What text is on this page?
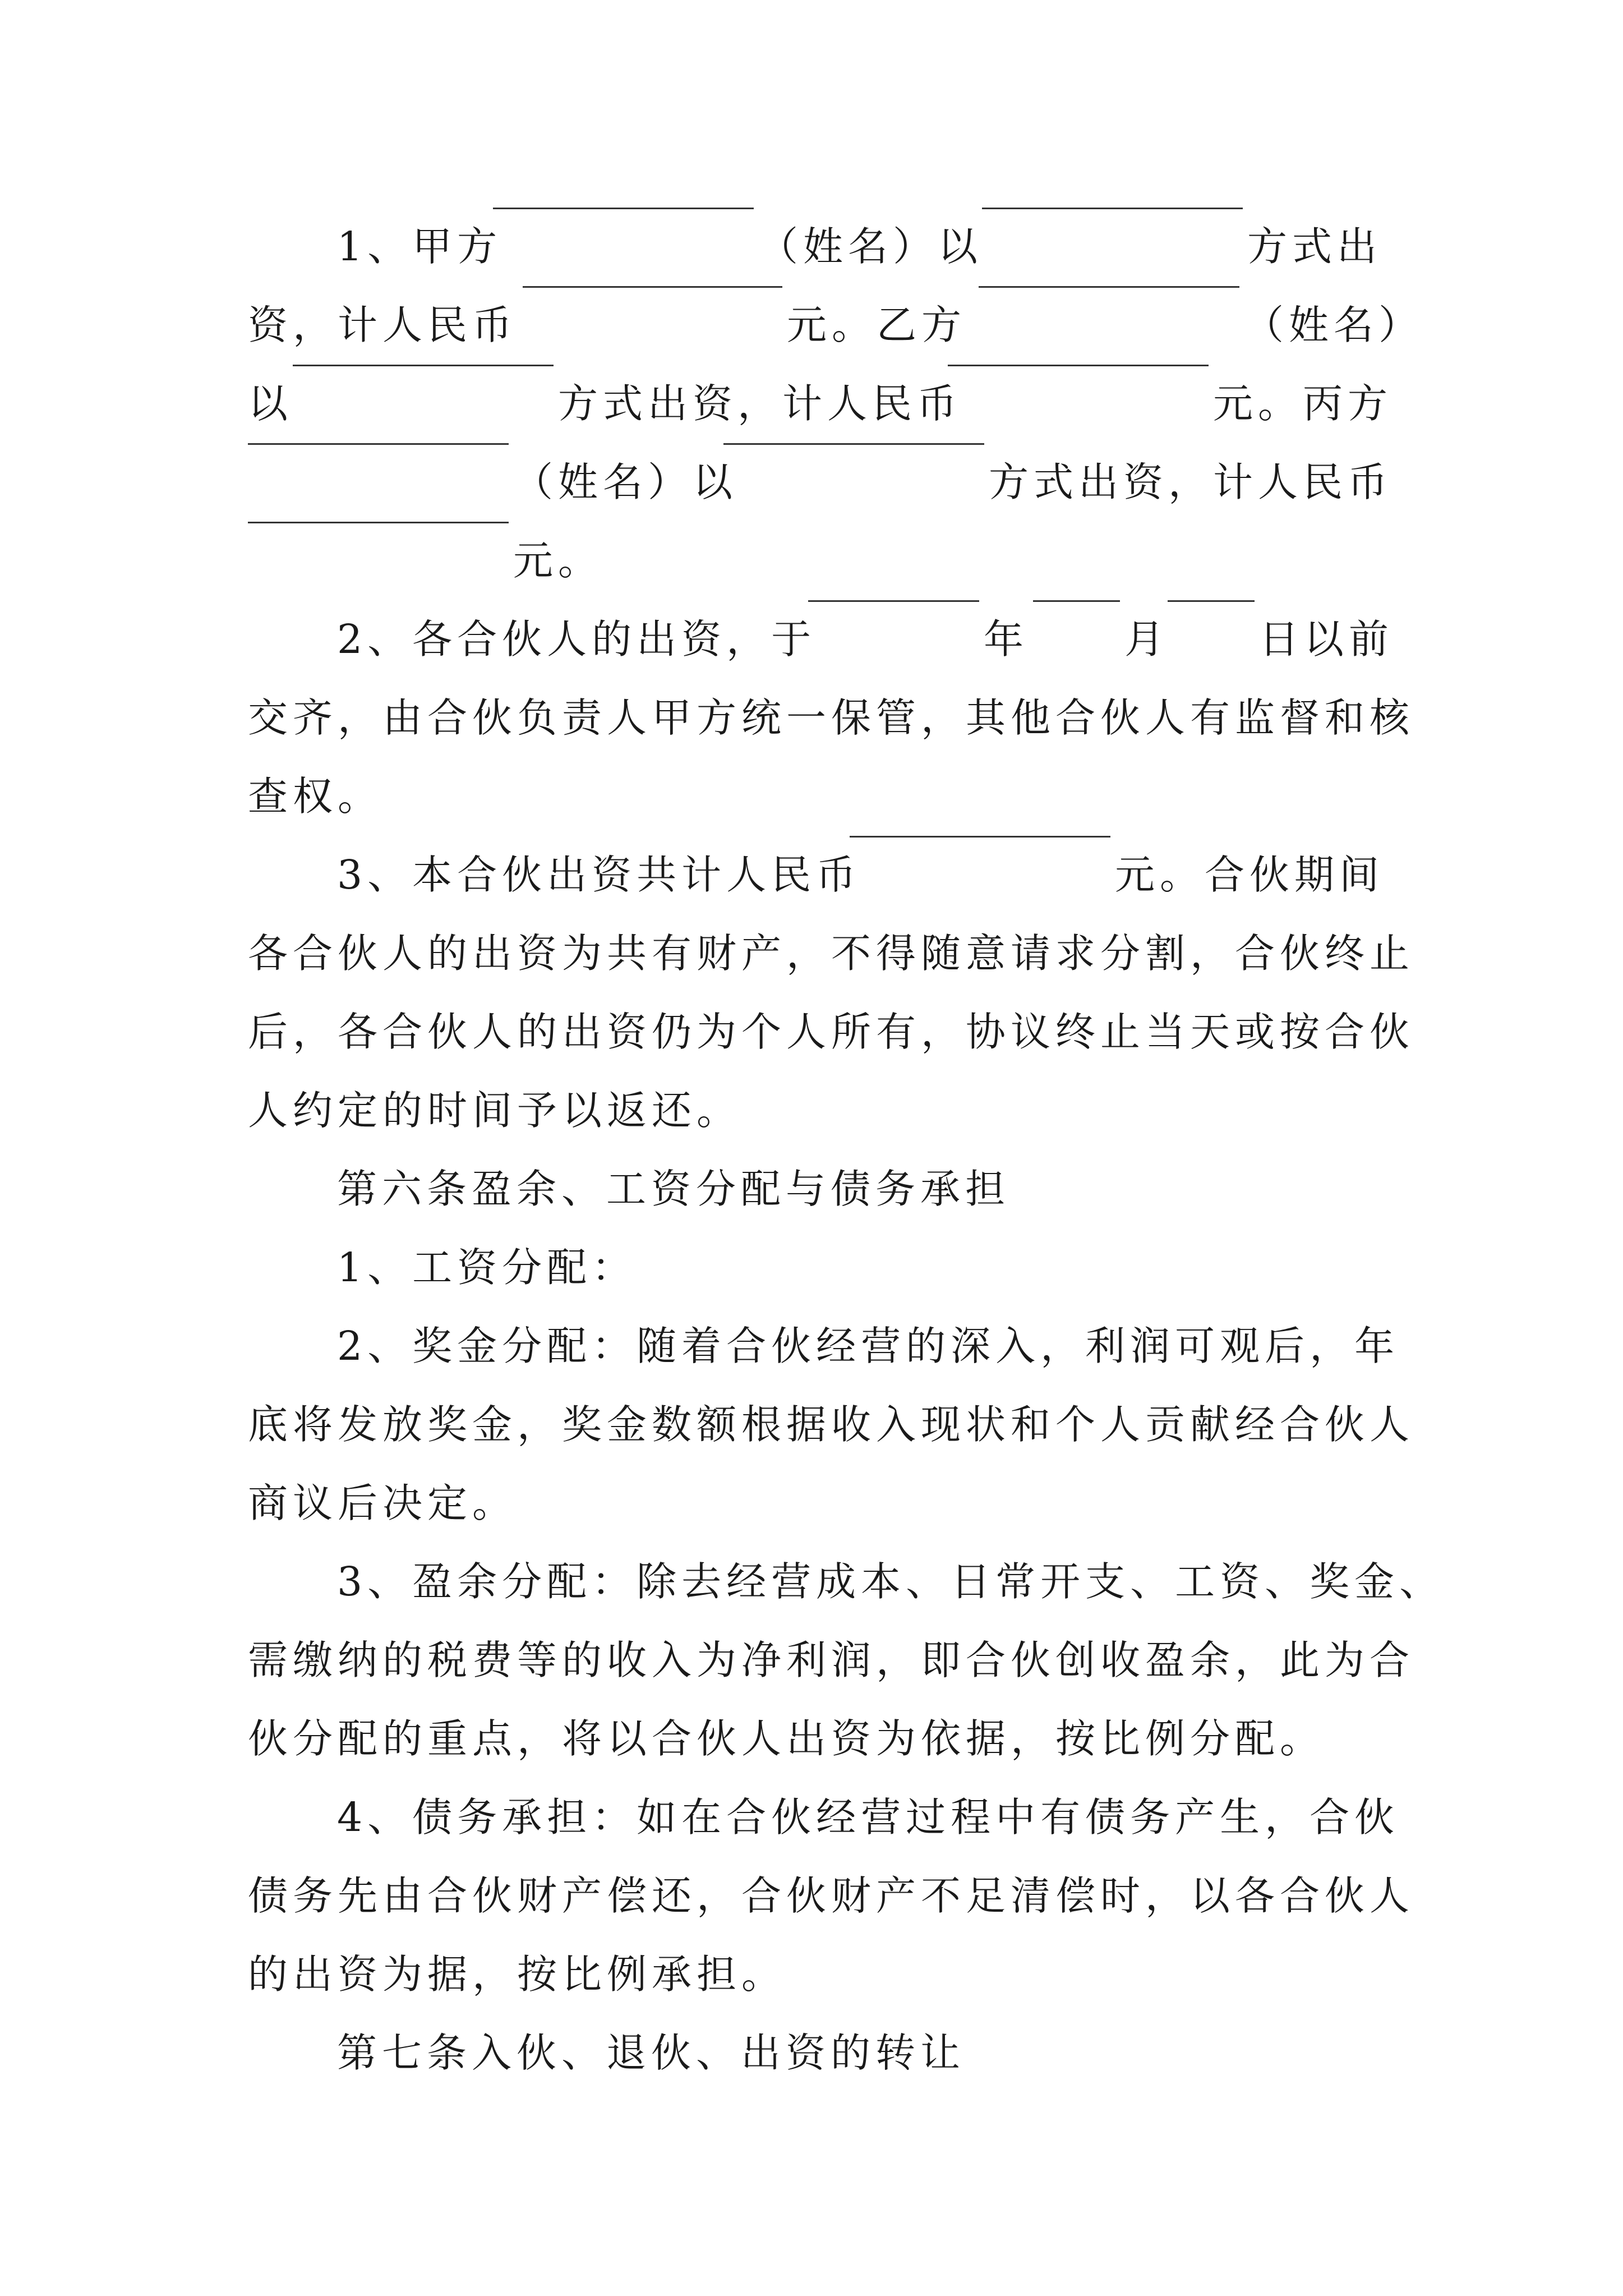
1、甲方	（姓名）以	方式出
资，计人民币	元。乙方	（姓名）
以	方式出资，计人民币	元。丙方
（姓名）以	方式出资，计人民币
元。
2、各合伙人的出资，于	年 月 日以前
交齐，由合伙负责人甲方统一保管，其他合伙人有监督和核
查权。
3、本合伙出资共计人民币	元。合伙期间
各合伙人的出资为共有财产，不得随意请求分割，合伙终止
后，各合伙人的出资仍为个人所有，协议终止当天或按合伙
人约定的时间予以返还。
第六条盈余、工资分配与债务承担
1、工资分配：
2、奖金分配：随着合伙经营的深入，利润可观后，年
底将发放奖金，奖金数额根据收入现状和个人贡献经合伙人
商议后决定。
3、盈余分配：除去经营成本、日常开支、工资、奖金、
需缴纳的税费等的收入为净利润，即合伙创收盈余，此为合
伙分配的重点，将以合伙人出资为依据，按比例分配。
4、债务承担：如在合伙经营过程中有债务产生，合伙
债务先由合伙财产偿还，合伙财产不足清偿时，以各合伙人
的出资为据，按比例承担。
第七条入伙、退伙、出资的转让
